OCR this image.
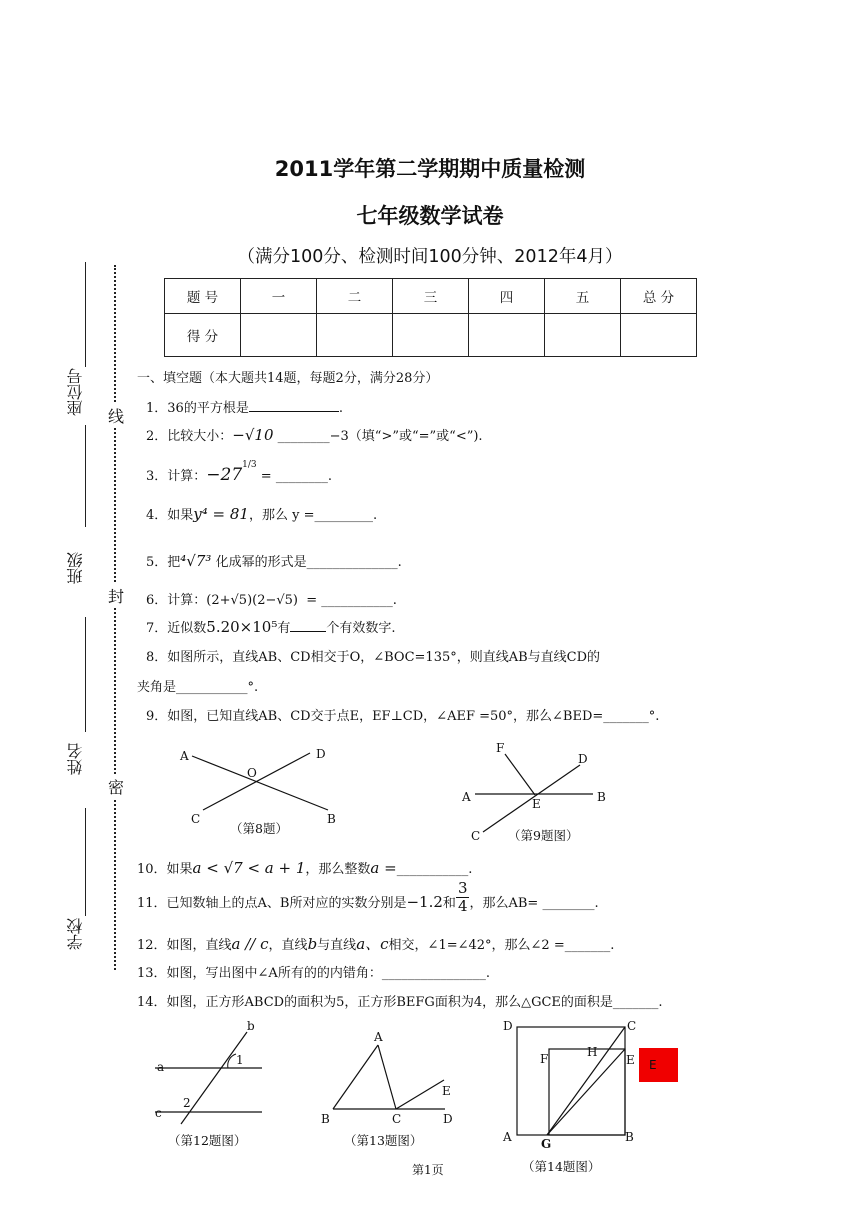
2011学年第二学期期中质量检测
七年级数学试卷
（满分100分、检测时间100分钟、2012年4月）
题 号	一	二	三	四	五	总 分
得 分						
座位号
班级
姓名
学校
线
封
密
一、填空题（本大题共14题，每题2分，满分28分）
1．36的平方根是	.
2．比较大小：−√10 ________−3（填“>”或“=”或“<”).
3．计算：$-27^{1/3}$ = ________.
4．如果y⁴ = 81，那么 y =_________.
5．把⁴√7³ 化成幂的形式是______________.
6．计算：(2+√5)(2−√5) = ___________.
7．近似数5.20×10⁵有	个有效数字.
8．如图所示，直线AB、CD相交于O，∠BOC=135°，则直线AB与直线CD的
夹角是___________°.
9．如图，已知直线AB、CD交于点E，EF⊥CD，∠AEF =50°，那么∠BED=_______°.
A	D
O
C	B
（第8题）
F
D
A	E	B
C （第9题图）
10．如果a < √7 < a + 1，那么整数a =___________.
11．已知数轴上的点A、B所对应的实数分别是−1.2和 $\frac{3}{4}$ ，那么AB= ________.
12．如图，直线a // c，直线b与直线a、c相交，∠1=∠42°，那么∠2 =_______.
13．如图，写出图中∠A所有的的内错角：________________.
14．如图，正方形ABCD的面积为5，正方形BEFG面积为4，那么△GCE的面积是_______.
b
a	1
2
c
（第12题图）
A
E
B	C	D
（第13题图）
D	C
F	H
E
A G	B
E
（第14题图）
第1页
